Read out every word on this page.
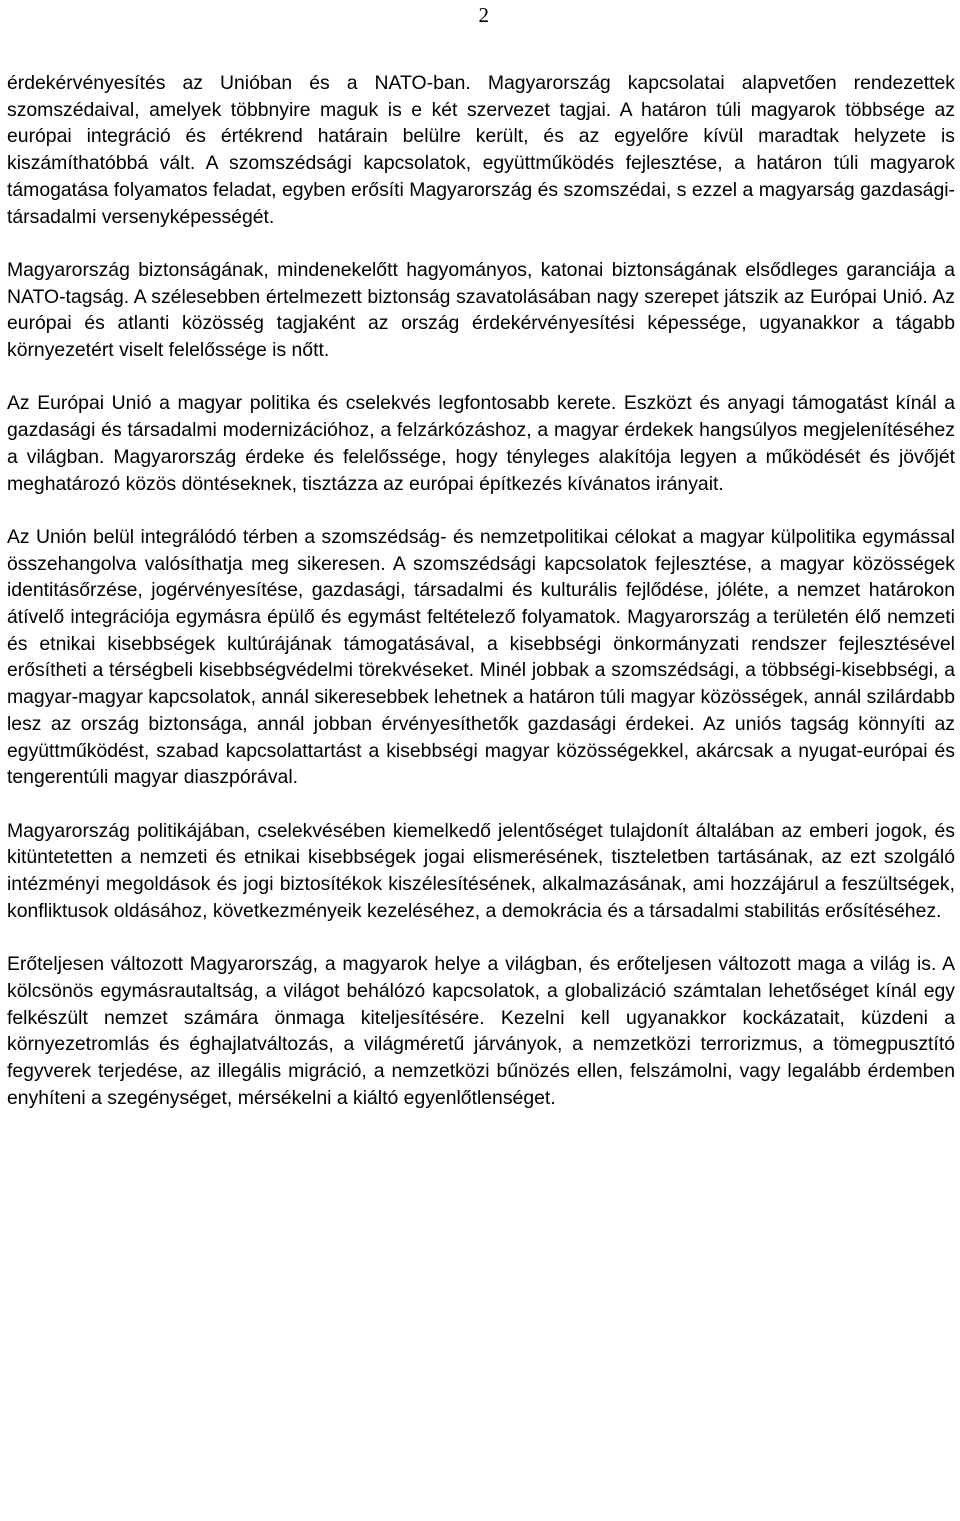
2

érdekérvényesítés az Unióban és a NATO-ban. Magyarország kapcsolatai alapvetően rendezettek szomszédaival, amelyek többnyire maguk is e két szervezet tagjai. A határon túli magyarok többsége az európai integráció és értékrend határain belülre került, és az egyelőre kívül maradtak helyzete is kiszámíthatóbbá vált. A szomszédsági kapcsolatok, együttműködés fejlesztése, a határon túli magyarok támogatása folyamatos feladat, egyben erősíti Magyarország és szomszédai, s ezzel a magyarság gazdasági-társadalmi versenyképességét.

Magyarország biztonságának, mindenekelőtt hagyományos, katonai biztonságának elsődleges garanciája a NATO-tagság. A szélesebben értelmezett biztonság szavatolásában nagy szerepet játszik az Európai Unió. Az európai és atlanti közösség tagjaként az ország érdekérvényesítési képessége, ugyanakkor a tágabb környezetért viselt felelőssége is nőtt.

Az Európai Unió a magyar politika és cselekvés legfontosabb kerete. Eszközt és anyagi támogatást kínál a gazdasági és társadalmi modernizációhoz, a felzárkózáshoz, a magyar érdekek hangsúlyos megjelenítéséhez a világban. Magyarország érdeke és felelőssége, hogy tényleges alakítója legyen a működését és jövőjét meghatározó közös döntéseknek, tisztázza az európai építkezés kívánatos irányait.

Az Unión belül integrálódó térben a szomszédság- és nemzetpolitikai célokat a magyar külpolitika egymással összehangolva valósíthatja meg sikeresen. A szomszédsági kapcsolatok fejlesztése, a magyar közösségek identitásőrzése, jogérvényesítése, gazdasági, társadalmi és kulturális fejlődése, jóléte, a nemzet határokon átívelő integrációja egymásra épülő és egymást feltételező folyamatok. Magyarország a területén élő nemzeti és etnikai kisebbségek kultúrájának támogatásával, a kisebbségi önkormányzati rendszer fejlesztésével erősítheti a térségbeli kisebbségvédelmi törekvéseket. Minél jobbak a szomszédsági, a többségi-kisebbségi, a magyar-magyar kapcsolatok, annál sikeresebbek lehetnek a határon túli magyar közösségek, annál szilárdabb lesz az ország biztonsága, annál jobban érvényesíthetők gazdasági érdekei. Az uniós tagság könnyíti az együttműködést, szabad kapcsolattartást a kisebbségi magyar közösségekkel, akárcsak a nyugat-európai és tengerentúli magyar diaszpórával.

Magyarország politikájában, cselekvésében kiemelkedő jelentőséget tulajdonít általában az emberi jogok, és kitüntetetten a nemzeti és etnikai kisebbségek jogai elismerésének, tiszteletben tartásának, az ezt szolgáló intézményi megoldások és jogi biztosítékok kiszélesítésének, alkalmazásának, ami hozzájárul a feszültségek, konfliktusok oldásához, következményeik kezeléséhez, a demokrácia és a társadalmi stabilitás erősítéséhez.

Erőteljesen változott Magyarország, a magyarok helye a világban, és erőteljesen változott maga a világ is. A kölcsönös egymásrautaltság, a világot behálózó kapcsolatok, a globalizáció számtalan lehetőséget kínál egy felkészült nemzet számára önmaga kiteljesítésére. Kezelni kell ugyanakkor kockázatait, küzdeni a környezetromlás és éghajlatváltozás, a világméretű járványok, a nemzetközi terrorizmus, a tömegpusztító fegyverek terjedése, az illegális migráció, a nemzetközi bűnözés ellen, felszámolni, vagy legalább érdemben enyhíteni a szegénységet, mérsékelni a kiáltó egyenlőtlenséget.
